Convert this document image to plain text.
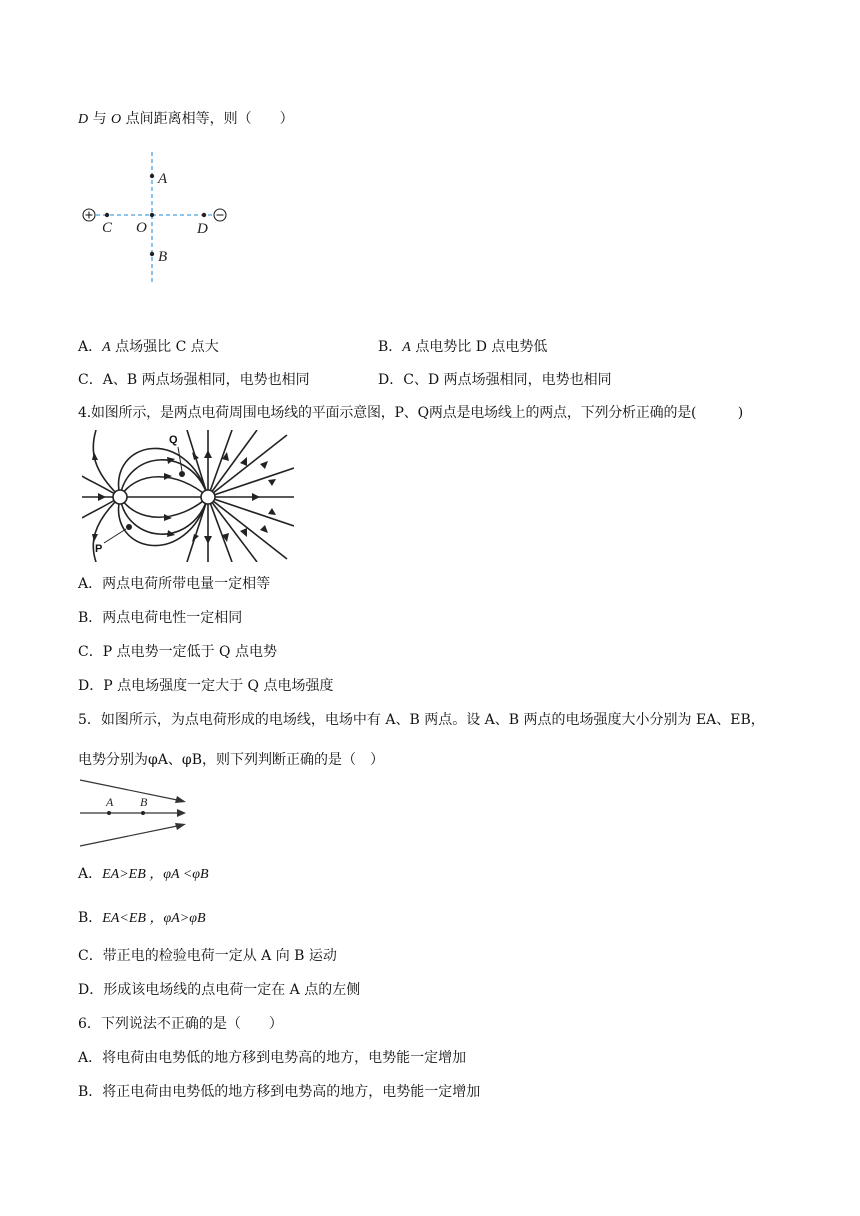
D 与 O 点间距离相等，则（　　）
A
B
C O	D
A．A 点场强比 C 点大	B．A 点电势比 D 点电势低
C．A、B 两点场强相同，电势也相同	D．C、D 两点场强相同，电势也相同
4.如图所示，是两点电荷周围电场线的平面示意图，P、Q两点是电场线上的两点，下列分析正确的是(　　　)
Q
P
A．两点电荷所带电量一定相等
B．两点电荷电性一定相同
C．P 点电势一定低于 Q 点电势
D．P 点电场强度一定大于 Q 点电场强度
5．如图所示，为点电荷形成的电场线，电场中有 A、B 两点。设 A、B 两点的电场强度大小分别为 EA、EB，
电势分别为φA、φB，则下列判断正确的是（　）
A B
A．EA>EB ，φA <φB
B．EA<EB ，φA>φB
C．带正电的检验电荷一定从 A 向 B 运动
D．形成该电场线的点电荷一定在 A 点的左侧
6．下列说法不正确的是（　　）
A．将电荷由电势低的地方移到电势高的地方，电势能一定增加
B．将正电荷由电势低的地方移到电势高的地方，电势能一定增加
